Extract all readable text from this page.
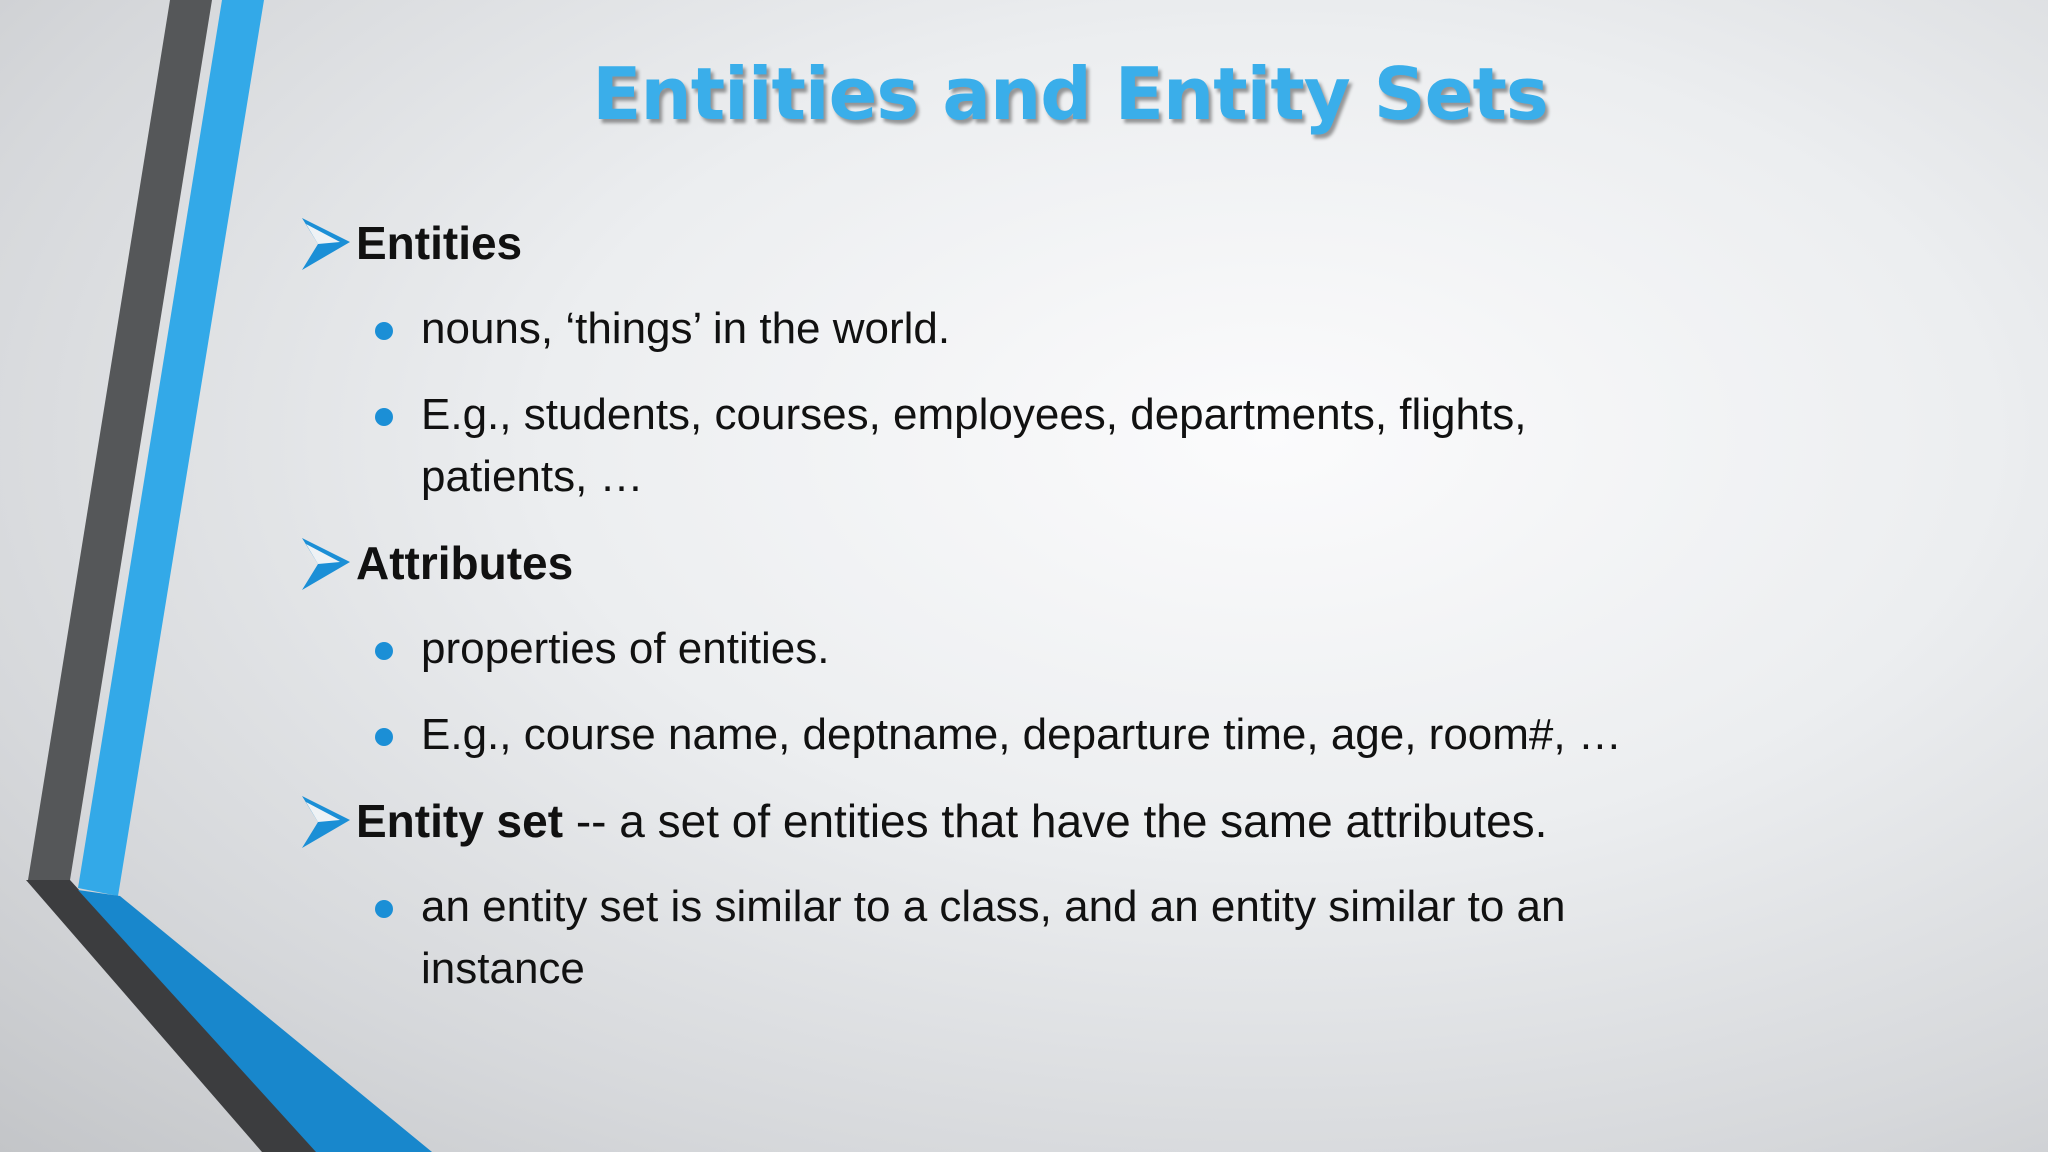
Entiities and Entity Sets
Entities
nouns, ‘things’ in the world.
E.g., students, courses, employees, departments, flights, patients, …
Attributes
properties of entities.
E.g., course name, deptname, departure time, age, room#, …
Entity set -- a set of entities that have the same attributes.
an entity set is similar to a class, and an entity similar to an instance
